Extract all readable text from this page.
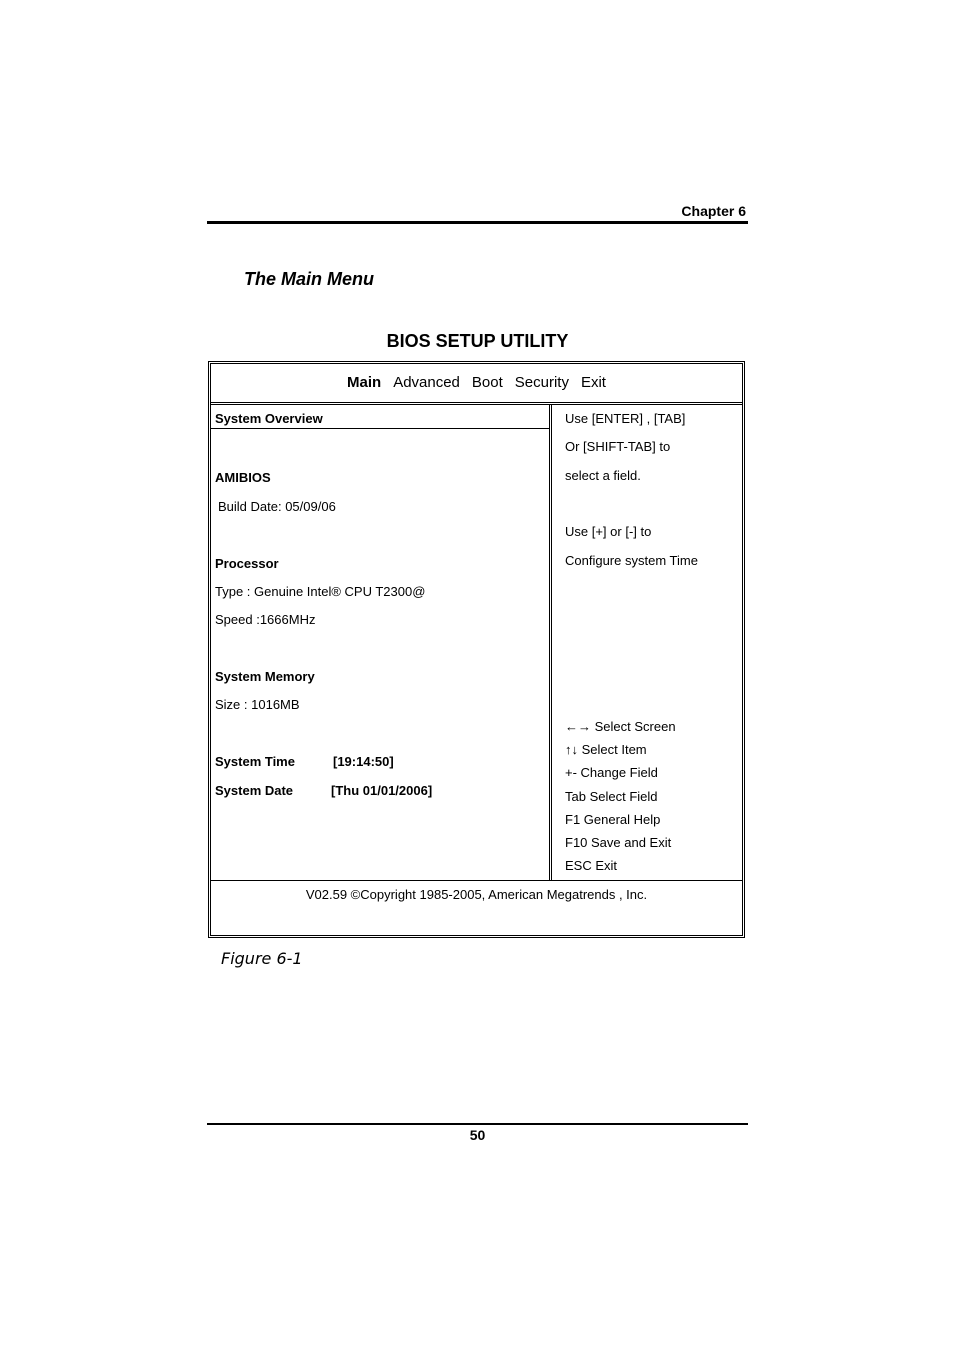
Chapter 6
The Main Menu
BIOS SETUP UTILITY
Main Advanced Boot Security Exit
System Overview
AMIBIOS
Build Date: 05/09/06
Processor
Type : Genuine Intel® CPU T2300@
Speed :1666MHz
System Memory
Size : 1016MB
System Time	[19:14:50]
System Date	[Thu 01/01/2006]
Use [ENTER] , [TAB]
Or [SHIFT-TAB] to
select a field.
Use [+] or [-] to
Configure system Time
←→ Select Screen
↑↓ Select Item
+- Change Field
Tab Select Field
F1 General Help
F10 Save and Exit
ESC Exit
V02.59 ©Copyright 1985-2005, American Megatrends , Inc.
Figure 6-1
50
